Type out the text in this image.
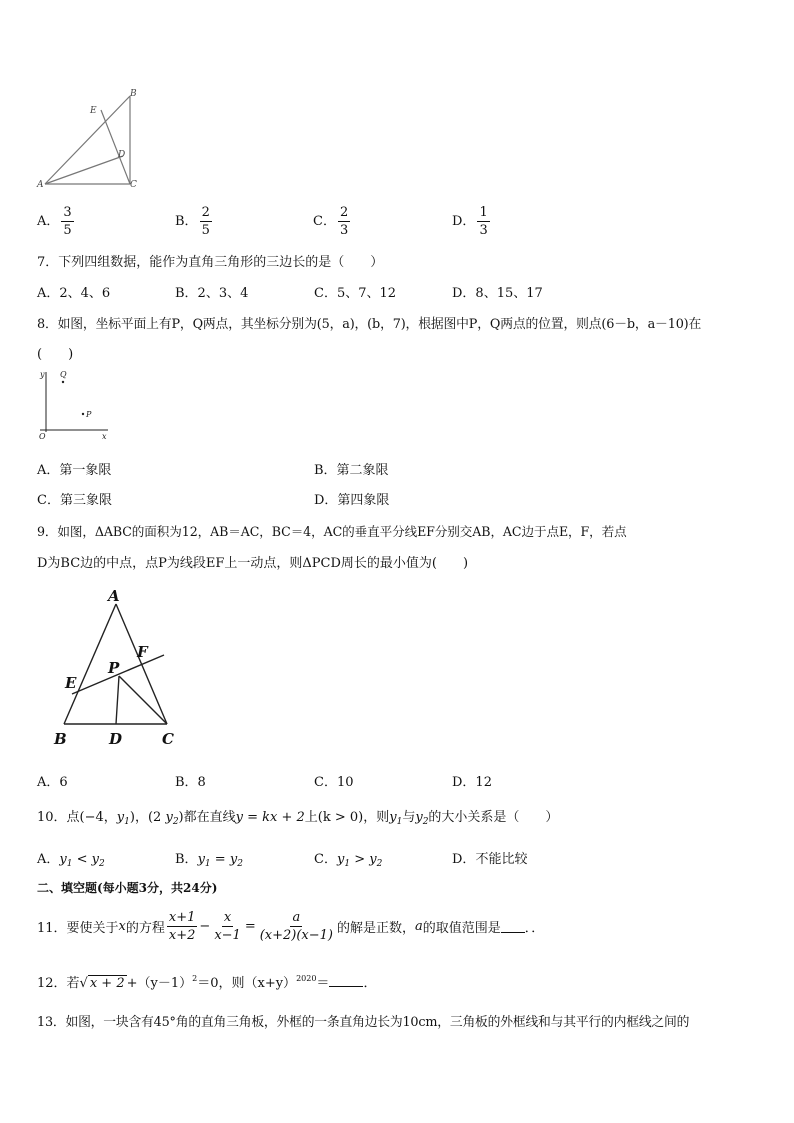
E
B
D
A	C
A． $\frac{3}{5}$	B． $\frac{2}{5}$	C． $\frac{2}{3}$	D． $\frac{1}{3}$
7．下列四组数据，能作为直角三角形的三边长的是（　　）
A．2、4、6	B．2、3、4	C．5、7、12	D．8、15、17
8．如图，坐标平面上有P，Q两点，其坐标分别为(5，a)，(b，7)，根据图中P，Q两点的位置，则点(6－b，a－10)在
(　　)
y Q
P
O	x
A．第一象限	B．第二象限
C．第三象限	D．第四象限
9．如图，ΔABC的面积为12，AB＝AC，BC＝4，AC的垂直平分线EF分别交AB，AC边于点E，F，若点
D为BC边的中点，点P为线段EF上一动点，则ΔPCD周长的最小值为(　　)
A
E
F
P
B	D	C
A．6	B．8	C．10	D．12
10．点(−4，$y_1$)，(2 $y_2$)都在直线y = kx + 2上(k > 0)，则$y_1$与$y_2$的大小关系是（　　）
A．$y_1 < y_2$	B．$y_1 = y_2$	C．$y_1 > y_2$	D．不能比较
二、填空题(每小题3分，共24分)
11．要使关于 x 的方程 $\frac{x+1}{x+2} - \frac{x}{x-1} = \frac{a}{(x+2)(x-1)}$ 的解是正数， a 的取值范围是 ．．
12．若√ $x + 2 +(y-1)^2=0$，则$(x+y)^{2020}=$	．
13．如图，一块含有45°角的直角三角板，外框的一条直角边长为10cm，三角板的外框线和与其平行的内框线之间的
